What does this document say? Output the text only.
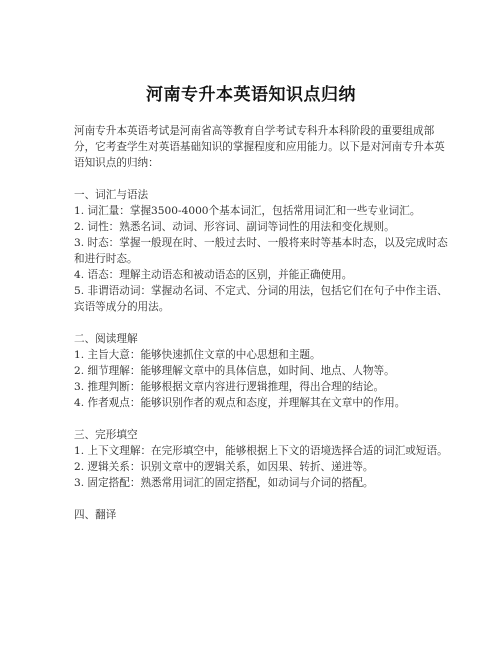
河南专升本英语知识点归纳

河南专升本英语考试是河南省高等教育自学考试专科升本科阶段的重要组成部分，它考查学生对英语基础知识的掌握程度和应用能力。以下是对河南专升本英语知识点的归纳：

一、词汇与语法

1. 词汇量：掌握3500-4000个基本词汇，包括常用词汇和一些专业词汇。
2. 词性：熟悉名词、动词、形容词、副词等词性的用法和变化规则。
3. 时态：掌握一般现在时、一般过去时、一般将来时等基本时态，以及完成时态和进行时态。
4. 语态：理解主动语态和被动语态的区别，并能正确使用。
5. 非谓语动词：掌握动名词、不定式、分词的用法，包括它们在句子中作主语、宾语等成分的用法。

二、阅读理解

1. 主旨大意：能够快速抓住文章的中心思想和主题。
2. 细节理解：能够理解文章中的具体信息，如时间、地点、人物等。
3. 推理判断：能够根据文章内容进行逻辑推理，得出合理的结论。
4. 作者观点：能够识别作者的观点和态度，并理解其在文章中的作用。

三、完形填空

1. 上下文理解：在完形填空中，能够根据上下文的语境选择合适的词汇或短语。
2. 逻辑关系：识别文章中的逻辑关系，如因果、转折、递进等。
3. 固定搭配：熟悉常用词汇的固定搭配，如动词与介词的搭配。

四、翻译
